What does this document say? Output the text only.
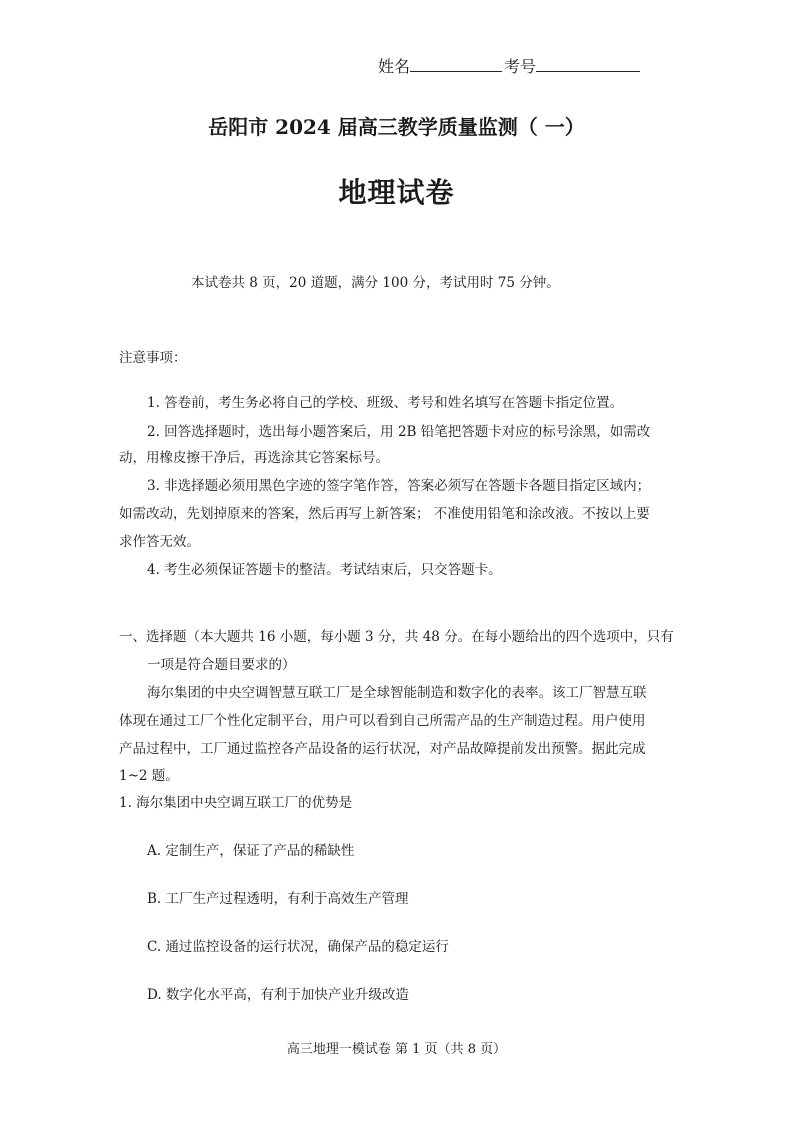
姓名	考号
岳阳市 2024 届高三教学质量监测（ 一）
地理试卷
本试卷共 8 页，20 道题，满分 100 分，考试用时 75 分钟。
注意事项：
1. 答卷前，考生务必将自己的学校、班级、考号和姓名填写在答题卡指定位置。
2. 回答选择题时，选出每小题答案后，用 2B 铅笔把答题卡对应的标号涂黑，如需改
动，用橡皮擦干净后，再选涂其它答案标号。
3. 非选择题必须用黑色字迹的签字笔作答，答案必须写在答题卡各题目指定区域内；
如需改动，先划掉原来的答案，然后再写上新答案； 不准使用铅笔和涂改液。不按以上要
求作答无效。
4. 考生必须保证答题卡的整洁。考试结束后，只交答题卡。
一、选择题（本大题共 16 小题，每小题 3 分，共 48 分。在每小题给出的四个选项中，只有
一项是符合题目要求的）
海尔集团的中央空调智慧互联工厂是全球智能制造和数字化的表率。该工厂智慧互联
体现在通过工厂个性化定制平台，用户可以看到自己所需产品的生产制造过程。用户使用
产品过程中，工厂通过监控各产品设备的运行状况，对产品故障提前发出预警。据此完成
1~2 题。
1. 海尔集团中央空调互联工厂的优势是
A. 定制生产，保证了产品的稀缺性
B. 工厂生产过程透明，有利于高效生产管理
C. 通过监控设备的运行状况，确保产品的稳定运行
D. 数字化水平高，有利于加快产业升级改造
高三地理一模试卷 第 1 页（共 8 页）
